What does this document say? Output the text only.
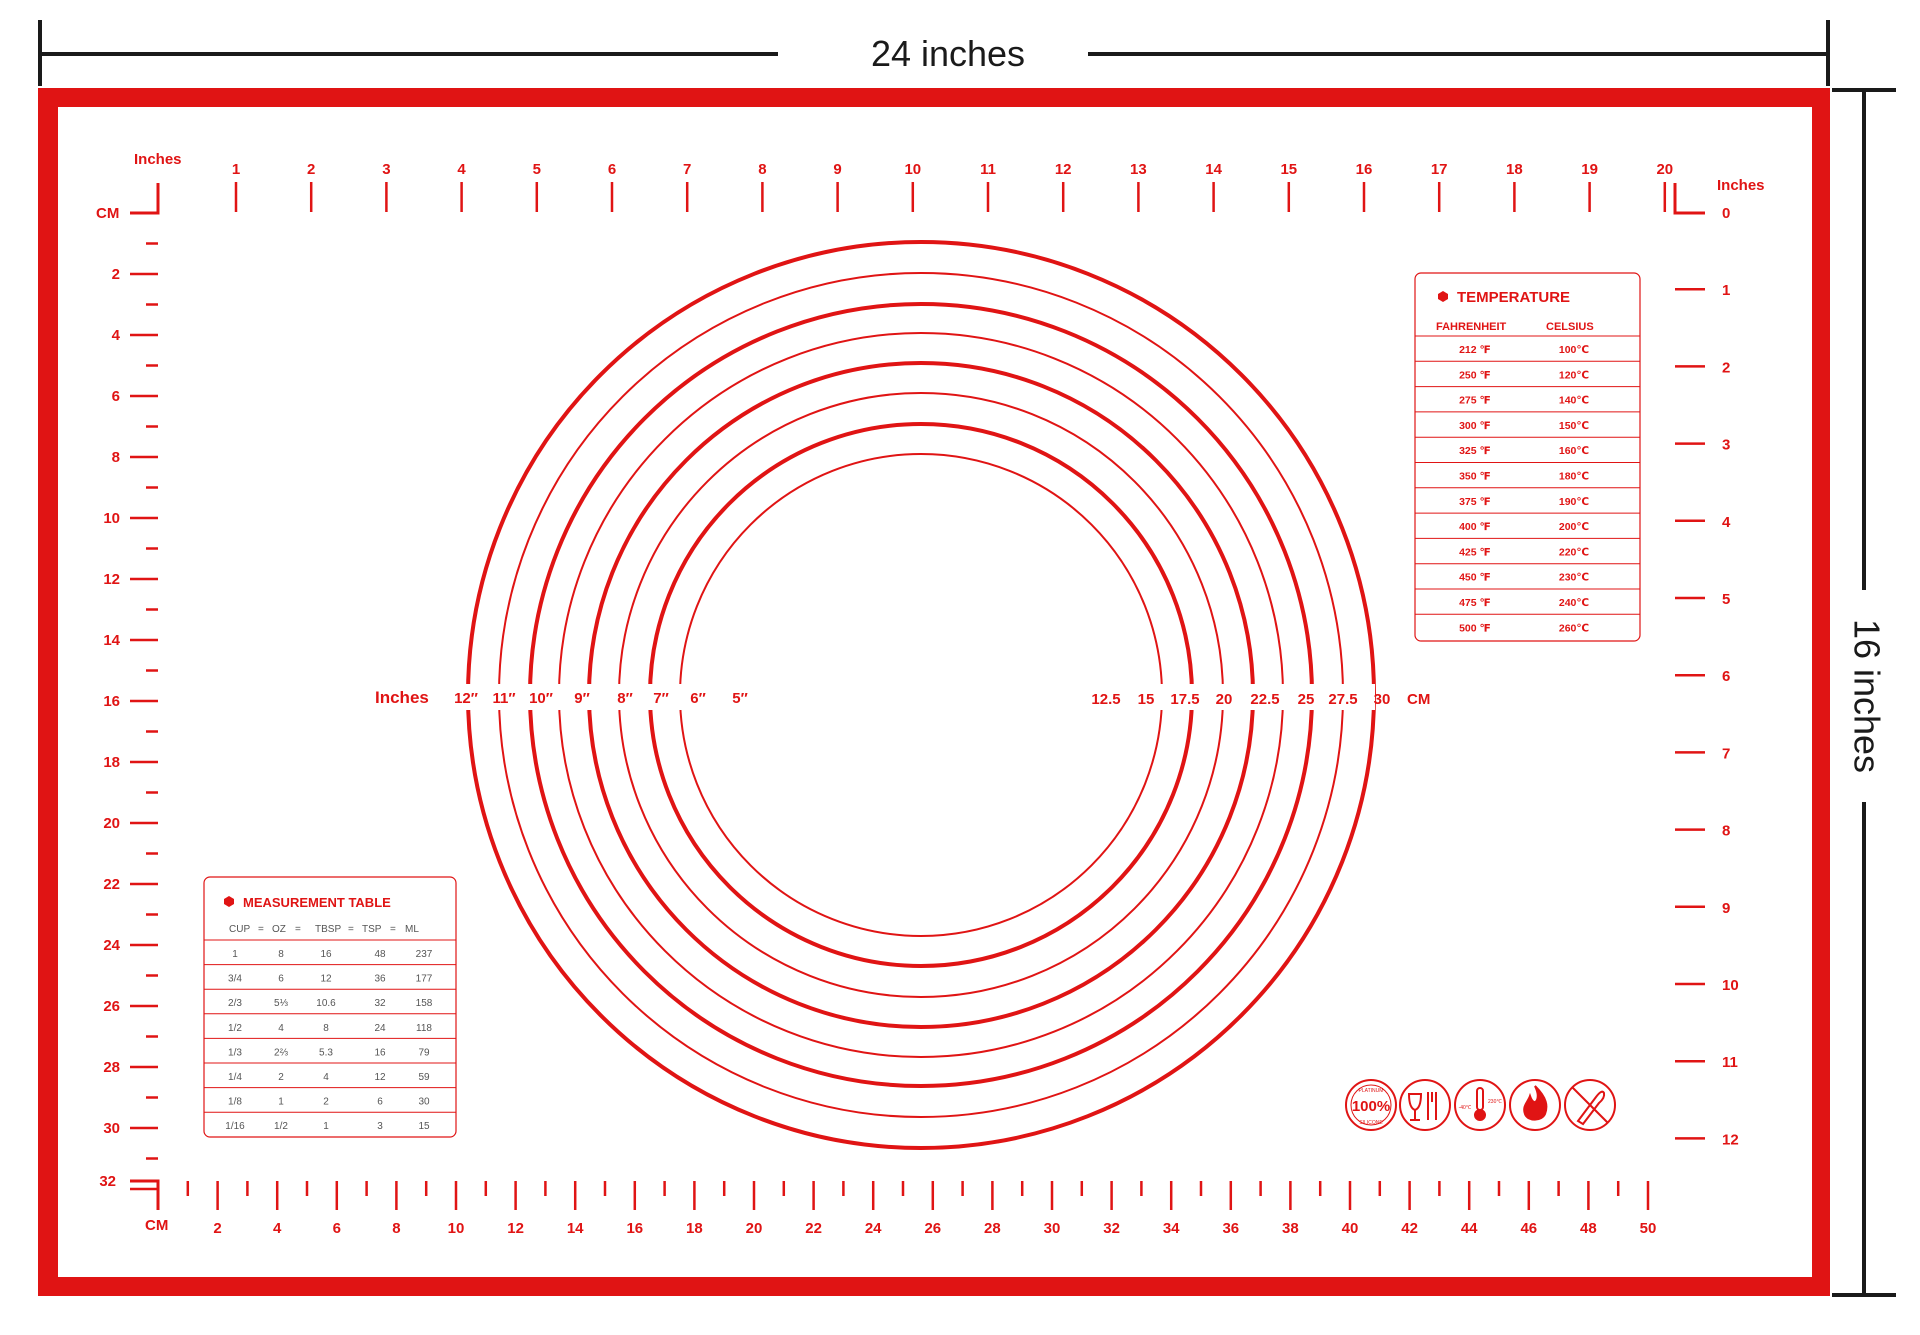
24 inches
16 inches
1	2	3	4	5	6	7	8	9	10	11	12	13	14	15	16	17	18	19	20
2
4
6
8
10
12
14
16
18
20
22
24
26
28
30
32
0
1
2
3
4
5
6
7
8
9
10
11
12
2	4	6	8	10	12	14	16	18	20	22	24	26	28	30	32	34	36	38	40	42	44	46	48	50
Inches
Inches
CM
CM
Inches	CM
12″ 11″ 10″ 9″ 8″ 7″ 6″ 5″	12.5 15 17.5 20 22.5 25 27.5 30
TEMPERATURE
FAHRENHEIT	CELSIUS
212 ℉	100℃
250 ℉	120℃
275 ℉	140℃
300 ℉	150℃
325 ℉	160℃
350 ℉	180℃
375 ℉	190℃
400 ℉	200℃
425 ℉	220℃
450 ℉	230℃
475 ℉	240℃
500 ℉	260℃
MEASUREMENT TABLE
CUP = OZ = TBSP = TSP = ML
1	8	16	48	237
3/4	6	12	36	177
2/3	5⅓	10.6	32	158
1/2	4	8	24	118
1/3	2⅔	5.3	16	79
1/4	2	4	12	59
1/8	1	2	6	30
1/16	1/2	1	3	15
100%
PLATINUM
SILICONE
-40℃
230℃
